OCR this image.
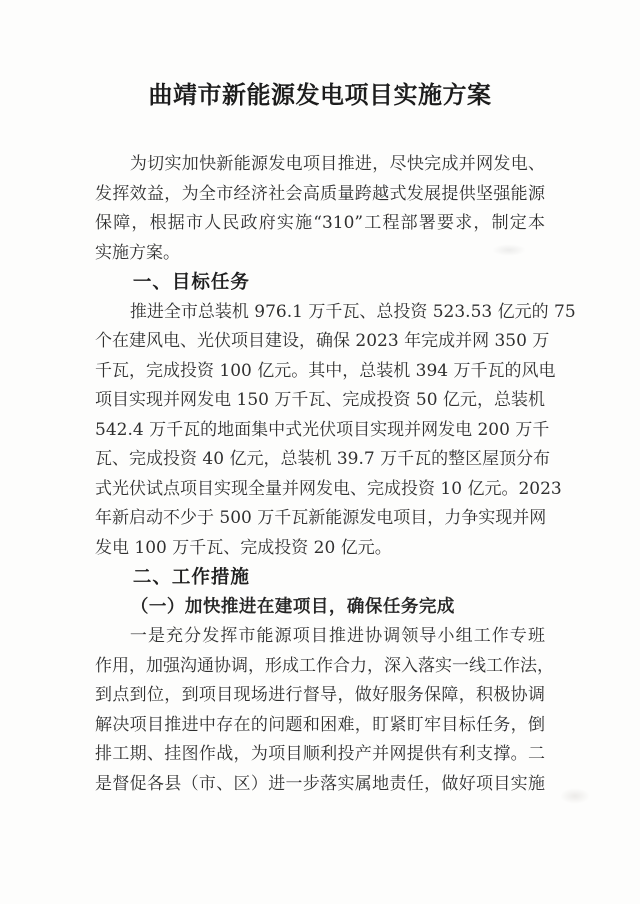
曲靖市新能源发电项目实施方案
为切实加快新能源发电项目推进，尽快完成并网发电、
发挥效益，为全市经济社会高质量跨越式发展提供坚强能源
保障，根据市人民政府实施“310”工程部署要求，制定本
实施方案。
一、目标任务
推进全市总装机 976.1 万千瓦、总投资 523.53 亿元的 75
个在建风电、光伏项目建设，确保 2023 年完成并网 350 万
千瓦，完成投资 100 亿元。其中，总装机 394 万千瓦的风电
项目实现并网发电 150 万千瓦、完成投资 50 亿元，总装机
542.4 万千瓦的地面集中式光伏项目实现并网发电 200 万千
瓦、完成投资 40 亿元，总装机 39.7 万千瓦的整区屋顶分布
式光伏试点项目实现全量并网发电、完成投资 10 亿元。2023
年新启动不少于 500 万千瓦新能源发电项目，力争实现并网
发电 100 万千瓦、完成投资 20 亿元。
二、工作措施
（一）加快推进在建项目，确保任务完成
一是充分发挥市能源项目推进协调领导小组工作专班
作用，加强沟通协调，形成工作合力，深入落实一线工作法，
到点到位，到项目现场进行督导，做好服务保障，积极协调
解决项目推进中存在的问题和困难，盯紧盯牢目标任务，倒
排工期、挂图作战，为项目顺利投产并网提供有利支撑。二
是督促各县（市、区）进一步落实属地责任，做好项目实施
